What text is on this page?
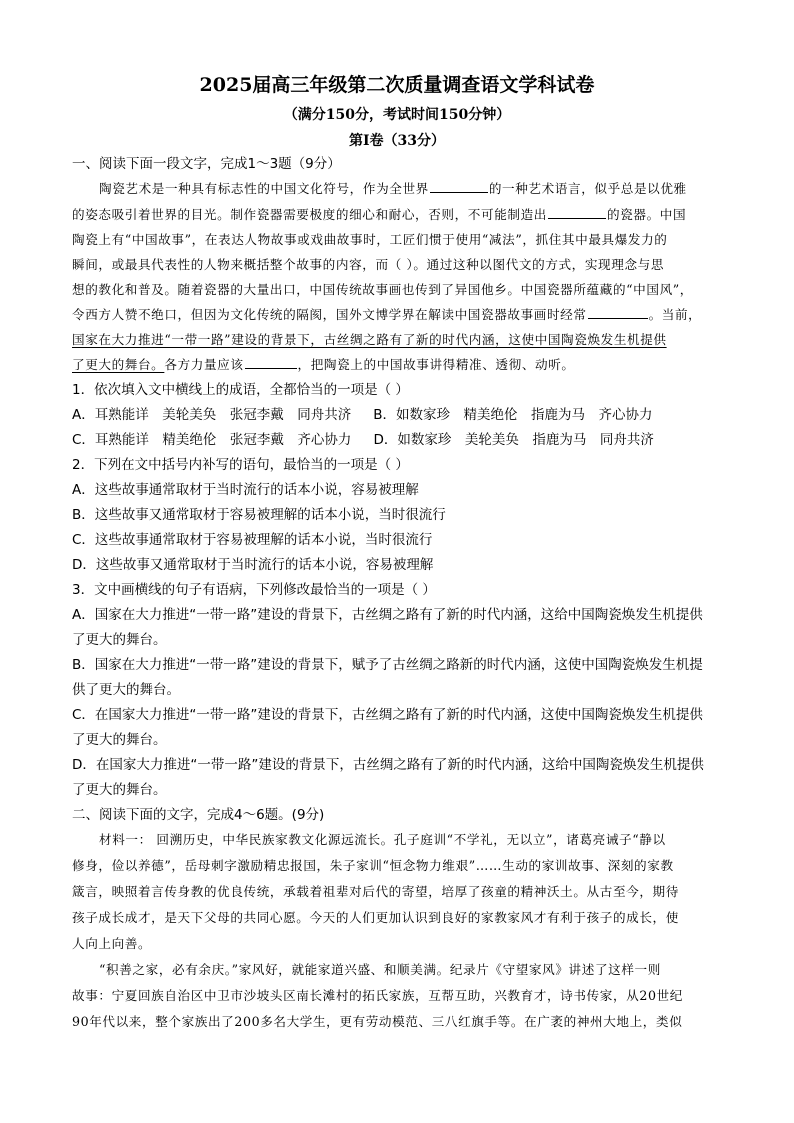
2025届高三年级第二次质量调查语文学科试卷
（满分150分，考试时间150分钟）
第Ⅰ卷（33分）
一、阅读下面一段文字，完成1～3题（9分）
陶瓷艺术是一种具有标志性的中国文化符号，作为全世界	的一种艺术语言，似乎总是以优雅
的姿态吸引着世界的目光。制作瓷器需要极度的细心和耐心，否则，不可能制造出	的瓷器。中国
陶瓷上有“中国故事”，在表达人物故事或戏曲故事时，工匠们惯于使用“减法”，抓住其中最具爆发力的
瞬间，或最具代表性的人物来概括整个故事的内容，而（ ）。通过这种以图代文的方式，实现理念与思
想的教化和普及。随着瓷器的大量出口，中国传统故事画也传到了异国他乡。中国瓷器所蕴藏的“中国风”，
令西方人赞不绝口，但因为文化传统的隔阂，国外文博学界在解读中国瓷器故事画时经常	。当前，
国家在大力推进“一带一路”建设的背景下，古丝绸之路有了新的时代内涵，这使中国陶瓷焕发生机提供
了更大的舞台。各方力量应该	，把陶瓷上的中国故事讲得精准、透彻、动听。
1．依次填入文中横线上的成语，全都恰当的一项是（ ）
A．耳熟能详　美轮美奂　张冠李戴　同舟共济 B．如数家珍　精美绝伦　指鹿为马　齐心协力
C．耳熟能详　精美绝伦　张冠李戴　齐心协力 D．如数家珍　美轮美奂　指鹿为马　同舟共济
2．下列在文中括号内补写的语句，最恰当的一项是（ ）
A．这些故事通常取材于当时流行的话本小说，容易被理解
B．这些故事又通常取材于容易被理解的话本小说，当时很流行
C．这些故事通常取材于容易被理解的话本小说，当时很流行
D．这些故事又通常取材于当时流行的话本小说，容易被理解
3．文中画横线的句子有语病，下列修改最恰当的一项是（ ）
A．国家在大力推进“一带一路”建设的背景下，古丝绸之路有了新的时代内涵，这给中国陶瓷焕发生机提供
了更大的舞台。
B．国家在大力推进“一带一路”建设的背景下，赋予了古丝绸之路新的时代内涵，这使中国陶瓷焕发生机提
供了更大的舞台。
C．在国家大力推进“一带一路”建设的背景下，古丝绸之路有了新的时代内涵，这使中国陶瓷焕发生机提供
了更大的舞台。
D．在国家大力推进“一带一路”建设的背景下，古丝绸之路有了新的时代内涵，这给中国陶瓷焕发生机提供
了更大的舞台。
二、阅读下面的文字，完成4～6题。(9分)
材料一： 回溯历史，中华民族家教文化源远流长。孔子庭训“不学礼，无以立”，诸葛亮诫子“静以
修身，俭以养德”，岳母刺字激励精忠报国，朱子家训“恒念物力维艰”……生动的家训故事、深刻的家教
箴言，映照着言传身教的优良传统，承载着祖辈对后代的寄望，培厚了孩童的精神沃土。从古至今，期待
孩子成长成才，是天下父母的共同心愿。今天的人们更加认识到良好的家教家风才有利于孩子的成长，使
人向上向善。
“积善之家，必有余庆。”家风好，就能家道兴盛、和顺美满。纪录片《守望家风》讲述了这样一则
故事：宁夏回族自治区中卫市沙坡头区南长滩村的拓氏家族，互帮互助，兴教育才，诗书传家，从20世纪
90年代以来，整个家族出了200多名大学生，更有劳动模范、三八红旗手等。在广袤的神州大地上，类似
